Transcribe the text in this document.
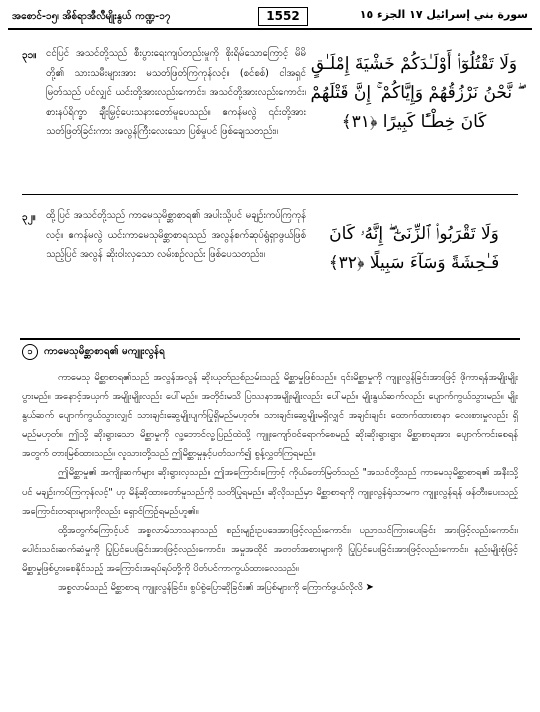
အစောင်-၁၅၊ အိစ်ရာအီလီမျိုးနွယ် ကဏ္ဍ-၁၇	1552	سورة بني إسرائيل ١٧ الجزء ١٥
၃၁။ ငင်ပြင် အသင်တို့သည် စီးပွားရေးကျပ်တည်းမှုကို စိုးရိမ်သောကြောင့် မိမိတို့၏ သားသမီးများအား မသတ်ဖြတ်ကြကုန်လင့်။ (စင်စစ်) ငါအရှင်မြတ်သည် ပင်လျှင် ယင်းတို့အားလည်းကောင်း၊ အသင်တို့အားလည်းကောင်း၊ စားနပ်ရိက္ခာ ချီးမြှင့်ပေးသနားတော်မူပေသည်။ ဧကန်မလွဲ ၎င်းတို့အား သတ်ဖြတ်ခြင်းကား အလွန်ကြီးလေးသော ပြစ်မှုပင် ဖြစ်ချေသတည်း။
وَلَا تَقْتُلُوٓا۟ أَوْلَـٰدَكُمْ خَشْيَةَ إِمْلَـٰقٍ ۖ نَّحْنُ نَرْزُقُهُمْ وَإِيَّاكُمْ ۚ إِنَّ قَتْلَهُمْ كَانَ خِطْـًٔا كَبِيرًا ﴿٣١﴾
၃၂။ ထို့ပြင် အသင်တို့သည် ကာမေသုမိစ္ဆာစာရ၏ အပါးသို့ပင် မချဉ်းကပ်ကြကုန်လင့်။ ဧကန်မလွဲ ယင်းကာမေသုမိစ္ဆာစာရသည် အလွန်စက်ဆုပ်ရွံရှာဖွယ်ဖြစ်သည့်ပြင် အလွန် ဆိုးဝါးလှသော လမ်းစဉ်လည်း ဖြစ်ပေသတည်း။
وَلَا تَقْرَبُوا۟ ٱلزِّنَىٰٓ ۖ إِنَّهُۥ كَانَ فَـٰحِشَةً وَسَآءَ سَبِيلًا ﴿٣٢﴾
၁ ကာမေသုမိစ္ဆာစာရ၏ မကျူးလွန်ရ

ကာမေသု မိစ္ဆာစာရ၏သည် အလွန်အလွန် ဆိုးယုတ်ညစ်ညမ်းသည့် မိစ္ဆာမှုဖြစ်သည်။ ၎င်းမိစ္ဆာမှုကို ကျူးလွန်ခြင်းအားဖြင့် ဖိုကာရန်အမျိုးမျိုးပွားမည်။ အနောင့်အယှက် အမျိုးမျိုးလည်း ပေါ်မည်။ အတိုင်းမသိ ပြဿနာအမျိုးမျိုးလည်း ပေါ်မည်။ မျိုးနွယ်ဆက်လည်း ပျောက်ကွယ်သွားမည်။ မျိုးနွယ်ဆက် ပျောက်ကွယ်သွားလျှင် သားချင်းဆွေမျိုးပျက်ပြုရှိမည်မဟုတ်။ သားချင်းဆွေမျိုးမရှိလျှင် အချင်းချင်း ထောက်ထားစာနာ လေးစားမှုလည်း ရှိမည်မဟုတ်။ ဤသို့ ဆိုးရွားသော မိစ္ဆာမှုကို လူ့ဘောင်လူ့ပြည်ထဲသို့ ကျူးကျော်ဝင်ရောက်စေမည့် ဆိုးဆိုးရွားရွား မိစ္ဆာစာရအား ပျောက်ကင်းစေရန်အတွက် တားမြစ်ထားသည်။ လူသားတို့သည် ဤမိစ္ဆာမှုနှင့်ပတ်သက်၍ စွန့်လွှတ်ကြရမည်။

ဤမိစ္ဆာမှု၏ အကျိုးဆက်များ ဆိုးရွားလှသည်။ ဤအကြောင်းကြောင့် ကိုယ်တော်မြတ်သည် "အသင်တို့သည် ကာမေသုမိစ္ဆာစာရ၏ အနီးသို့ပင် မချဉ်းကပ်ကြကုန်လင့်" ဟု မိန့်ဆိုထားတော်မူသည်ကို သတိပြုရမည်။ ဆိုလိုသည်မှာ မိစ္ဆာစာရကို ကျူးလွန်ရုံသာမက ကျူးလွန်ရန် ဖန်တီးပေးသည့် အကြောင်းတရားများကိုလည်း ရှောင်ကြဉ်ရမည်ဟူ၏။

ထို့အတွက်ကြောင့်ပင် အစ္စလာမ်သာသနာသည် စည်းမျဉ်းဥပဒေအားဖြင့်လည်းကောင်း၊ ပညာသင်ကြားပေးခြင်း အားဖြင့်လည်းကောင်း၊ ပေါင်းသင်းဆက်ဆံမှုကို ပြုပြင်ပေးခြင်းအားဖြင့်လည်းကောင်း၊ အမှုအထိုင် အတတ်အစားများကို ပြုပြင်ပေးခြင်းအားဖြင့်လည်းကောင်း၊ နည်းမျိုးစုံဖြင့် မိစ္ဆာမှုဖြစ်ပွားစေနိုင်သည့် အကြောင်းအရပ်ရပ်တို့ကို ပိတ်ပင်ကာကွယ်ထားလေသည်။

အစ္စလာမ်သည် မိစ္ဆာစာရ ကျူးလွန်ခြင်း၊ စွပ်စွဲပြောဆိုခြင်း၏ အပြစ်များကို ကြောက်ဖွယ်လိုလိ ➤
